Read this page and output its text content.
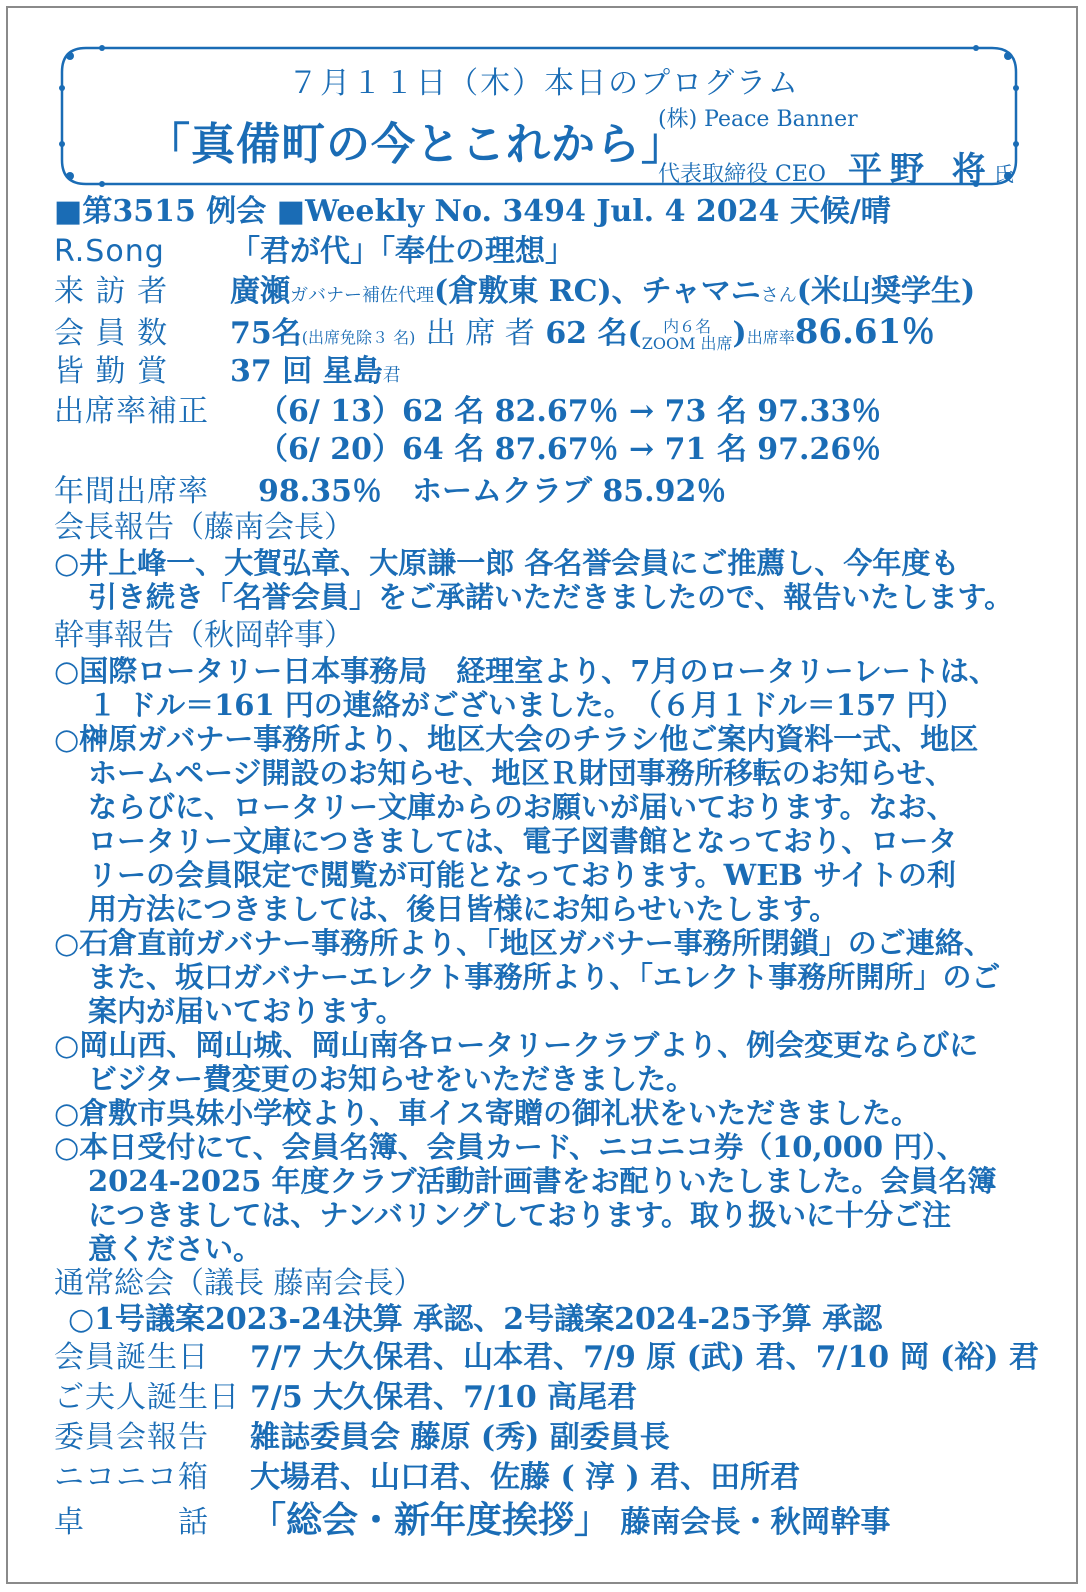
７月１１日（木）本日のプログラム
「真備町の今とこれから」
(株) Peace Banner
代表取締役 CEO 平野 将氏
■第3515 例会 ■Weekly No. 3494 Jul. 4 2024 天候/晴
R.Song 「君が代」「奉仕の理想」
来 訪 者 廣瀬ガバナー補佐代理(倉敷東 RC)、チャマニさん(米山奨学生)
会 員 数 75名(出席免除３ 名) 出 席 者 62 名( 内６名
ZOOM 出席)出席率86.61％
皆 勤 賞 37 回 星島君
出席率補正 （6/ 13）62 名 82.67％ → 73 名 97.33％
（6/ 20）64 名 87.67％ → 71 名 97.26％
年間出席率 98.35％　ホームクラブ 85.92％
会長報告（藤南会長）
○井上峰一、大賀弘章、大原謙一郎 各名誉会員にご推薦し、今年度も
引き続き「名誉会員」をご承諾いただきましたので、報告いたします。
幹事報告（秋岡幹事）
○国際ロータリー日本事務局　経理室より、7月のロータリーレートは、
１ ドル＝161 円の連絡がございました。　（６月１ドル＝157 円）
○榊原ガバナー事務所より、地区大会のチラシ他ご案内資料一式、地区
ホームページ開設のお知らせ、地区Ｒ財団事務所移転のお知らせ、
ならびに、ロータリー文庫からのお願いが届いております。なお、
ロータリー文庫につきましては、電子図書館となっており、ロータ
リーの会員限定で閲覧が可能となっております。WEB サイトの利
用方法につきましては、後日皆様にお知らせいたします。
○石倉直前ガバナー事務所より、「地区ガバナー事務所閉鎖」のご連絡、
また、坂口ガバナーエレクト事務所より、「エレクト事務所開所」のご
案内が届いております。
○岡山西、岡山城、岡山南各ロータリークラブより、例会変更ならびに
ビジター費変更のお知らせをいただきました。
○倉敷市呉妹小学校より、車イス寄贈の御礼状をいただきました。
○本日受付にて、会員名簿、会員カード、ニコニコ券（10,000 円）、
2024-2025 年度クラブ活動計画書をお配りいたしました。会員名簿
につきましては、ナンバリングしております。取り扱いに十分ご注
意ください。
通常総会（議長 藤南会長）
○1号議案2023-24決算 承認、2号議案2024-25予算 承認
会員誕生日 7/7 大久保君、山本君、7/9 原 (武) 君、7/10 岡 (裕) 君
ご夫人誕生日 7/5 大久保君、7/10 高尾君
委員会報告 雑誌委員会 藤原 (秀) 副委員長
ニコニコ箱 大場君、山口君、佐藤 ( 淳 ) 君、田所君
卓　　　話 「総会・新年度挨拶」 藤南会長・秋岡幹事
